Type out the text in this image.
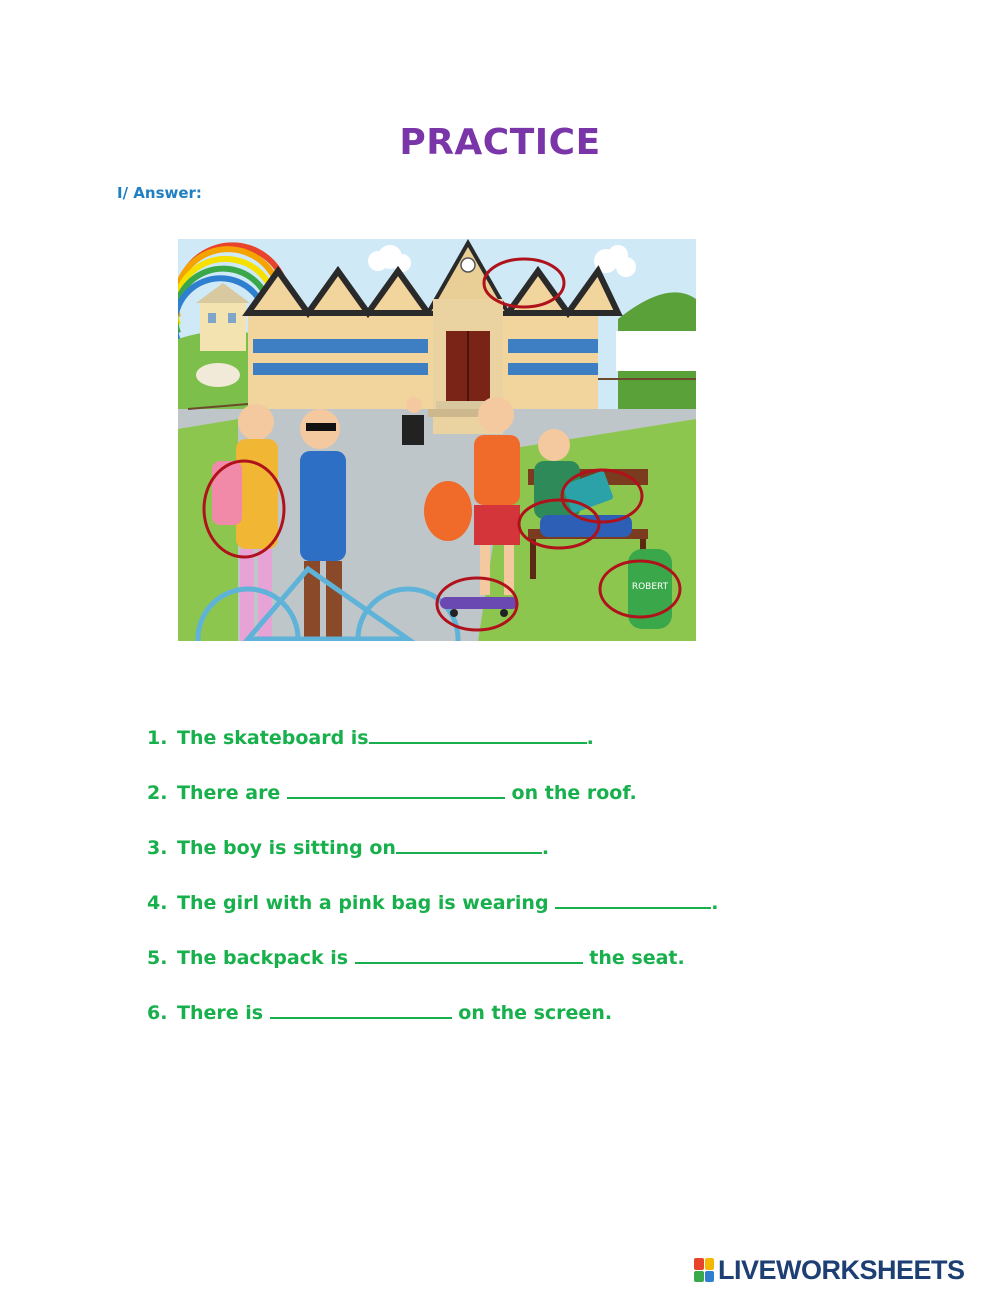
PRACTICE
I/ Answer:
ROBERT
1. The skateboard is	.
2. There are	on the roof.
3. The boy is sitting on	.
4. The girl with a pink bag is wearing	.
5. The backpack is	the seat.
6. There is	on the screen.
LIVEWORKSHEETS
